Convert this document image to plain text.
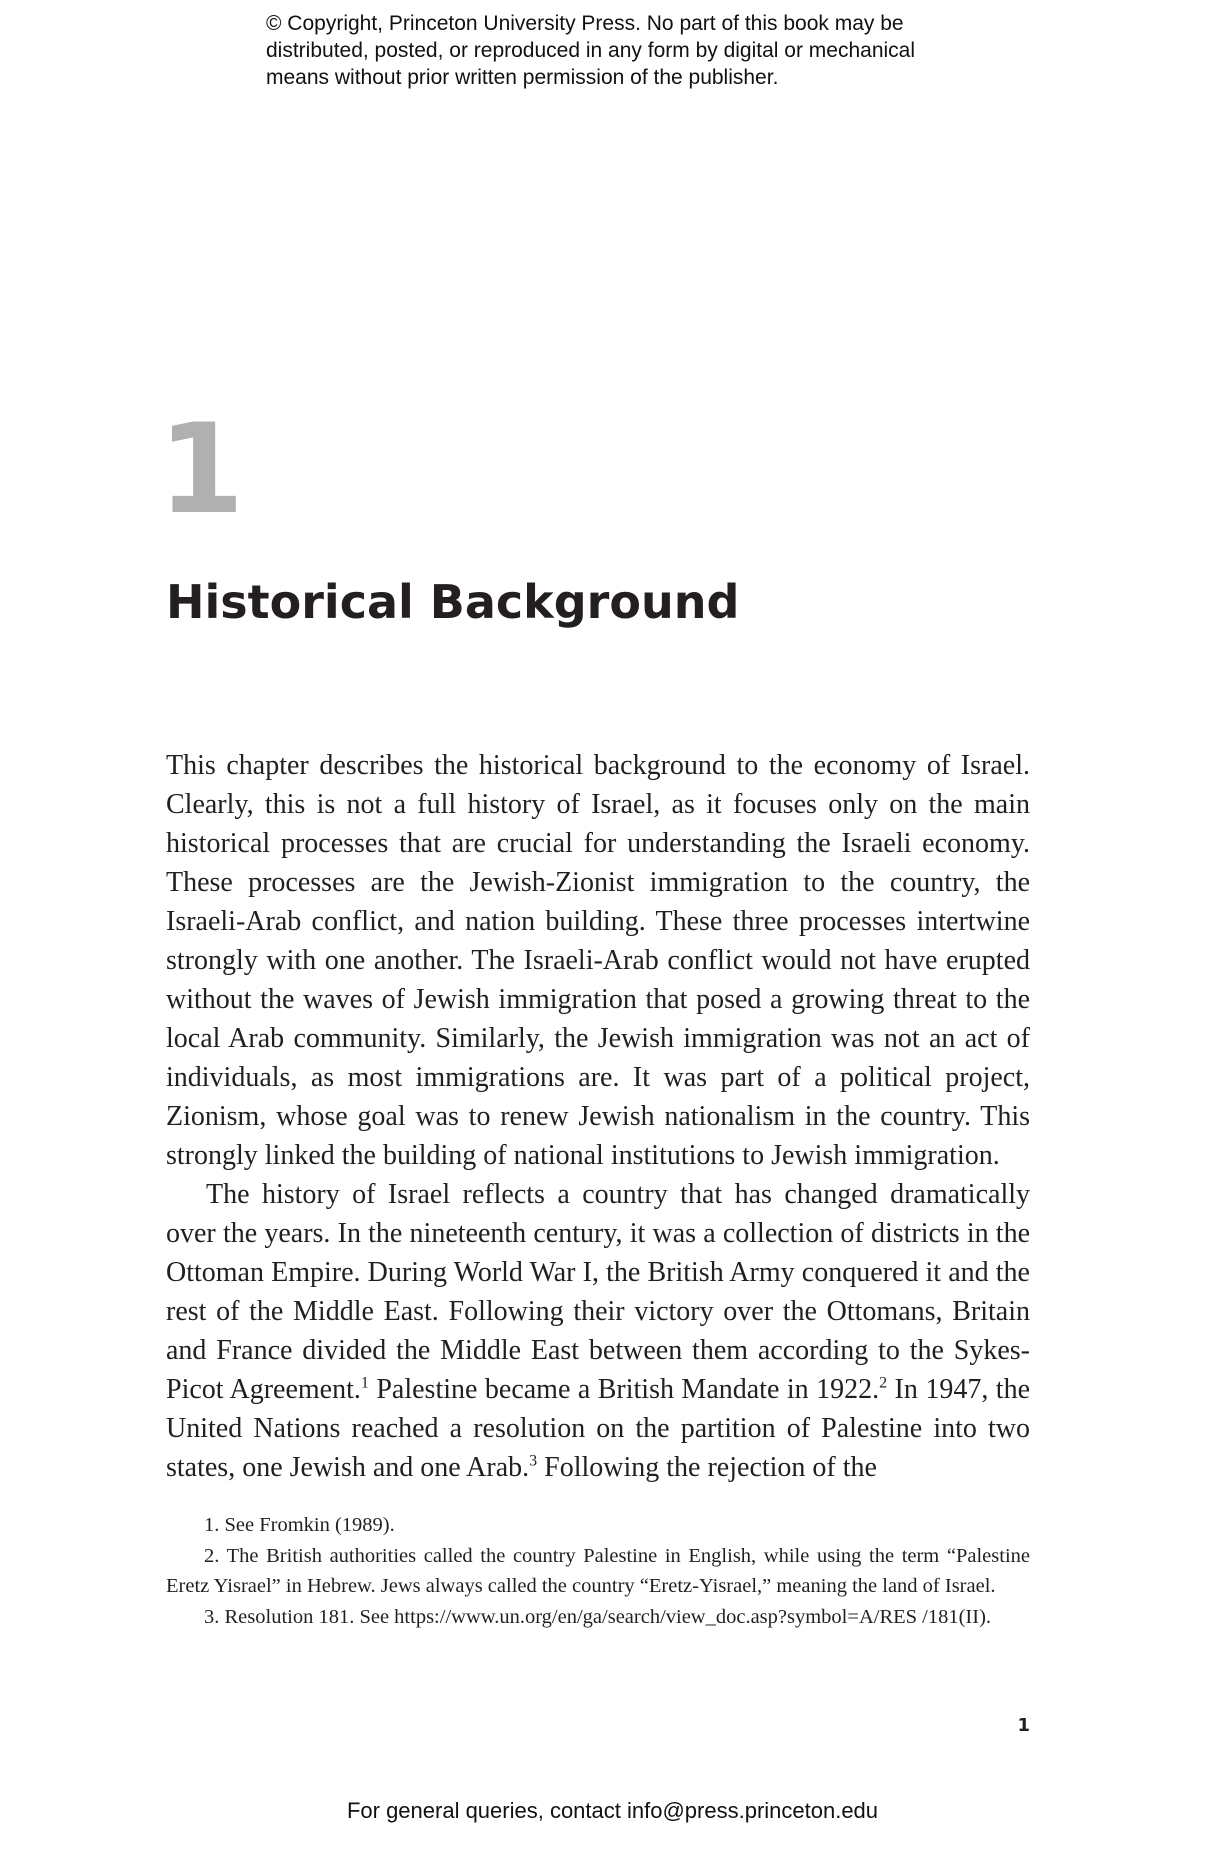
© Copyright, Princeton University Press. No part of this book may be
distributed, posted, or reproduced in any form by digital or mechanical
means without prior written permission of the publisher.
1
Historical Background

This chapter describes the historical background to the economy of Israel. Clearly, this is not a full history of Israel, as it focuses only on the main historical processes that are crucial for understanding the Israeli economy. These processes are the Jewish-Zionist immigration to the country, the Israeli-Arab conflict, and nation building. These three processes intertwine strongly with one another. The Israeli-Arab conflict would not have erupted without the waves of Jewish immigration that posed a growing threat to the local Arab community. Similarly, the Jewish immigration was not an act of individuals, as most immigrations are. It was part of a political project, Zionism, whose goal was to renew Jewish nationalism in the country. This strongly linked the building of national institutions to Jewish immigration.

The history of Israel reflects a country that has changed dramatically over the years. In the nineteenth century, it was a collection of districts in the Ottoman Empire. During World War I, the British Army conquered it and the rest of the Middle East. Following their victory over the Ottomans, Britain and France divided the Middle East between them according to the Sykes-Picot Agreement.$^1$ Palestine became a British Mandate in 1922.$^2$ In 1947, the United Nations reached a resolution on the partition of Palestine into two states, one Jewish and one Arab.$^3$ Following the rejection of the

1. See Fromkin (1989).

2. The British authorities called the country Palestine in English, while using the term “Palestine Eretz Yisrael” in Hebrew. Jews always called the country “Eretz-Yisrael,” meaning the land of Israel.

3. Resolution 181. See https://www.un.org/en/ga/search/view_doc.asp?symbol=A/RES /181(II).

1
For general queries, contact info@press.princeton.edu
